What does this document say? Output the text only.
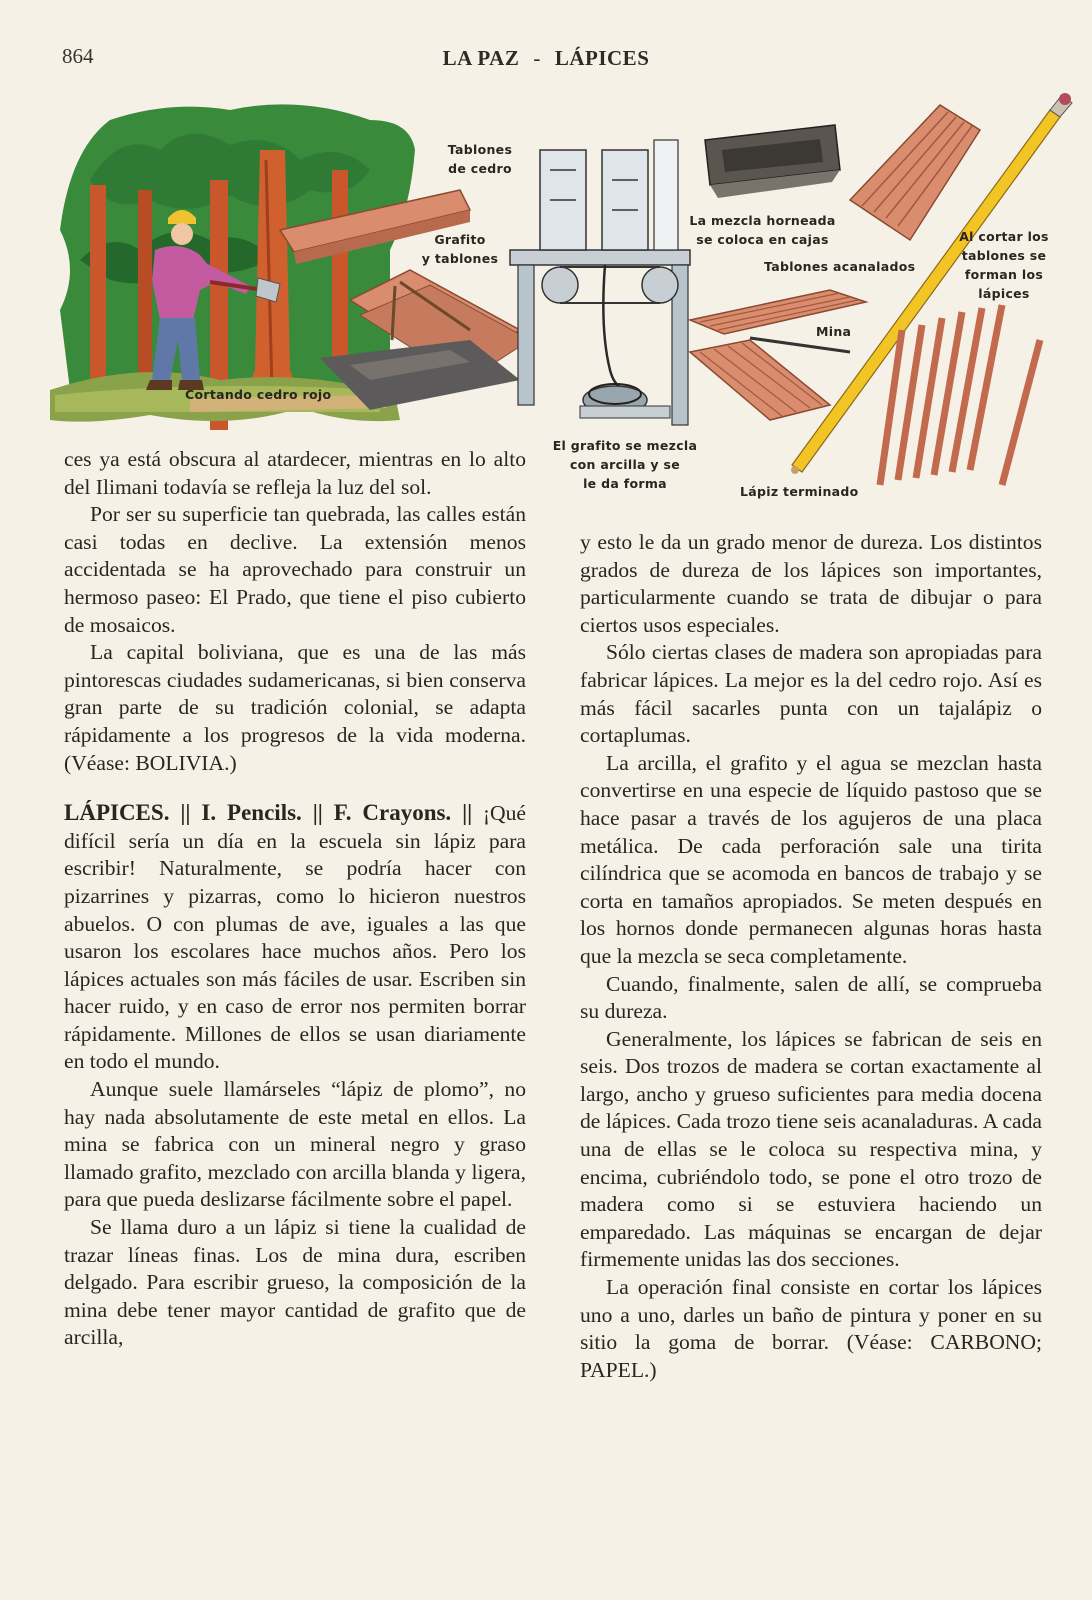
864	LA PAZ - LÁPICES
Tablones
de cedro
Grafito
y tablones
Cortando cedro rojo
El grafito se mezcla
con arcilla y se
le da forma
La mezcla horneada
se coloca en cajas
Tablones acanalados
Mina
Lápiz terminado
Al cortar los
tablones se
forman los
lápices

ces ya está obscura al atardecer, mientras en lo alto del Ilimani todavía se refleja la luz del sol.

Por ser su superficie tan quebrada, las calles están casi todas en declive. La extensión menos accidentada se ha aprovechado para construir un hermoso paseo: El Prado, que tiene el piso cubierto de mosaicos.

La capital boliviana, que es una de las más pintorescas ciudades sudamericanas, si bien conserva gran parte de su tradición colonial, se adapta rápidamente a los progresos de la vida moderna. (Véase: BOLIVIA.)

LÁPICES. || I. Pencils. || F. Crayons. || ¡Qué difícil sería un día en la escuela sin lápiz para escribir! Naturalmente, se podría hacer con pizarrines y pizarras, como lo hicieron nuestros abuelos. O con plumas de ave, iguales a las que usaron los escolares hace muchos años. Pero los lápices actuales son más fáciles de usar. Escriben sin hacer ruido, y en caso de error nos permiten borrar rápidamente. Millones de ellos se usan diariamente en todo el mundo.

Aunque suele llamárseles “lápiz de plomo”, no hay nada absolutamente de este metal en ellos. La mina se fabrica con un mineral negro y graso llamado grafito, mezclado con arcilla blanda y ligera, para que pueda deslizarse fácilmente sobre el papel.

Se llama duro a un lápiz si tiene la cualidad de trazar líneas finas. Los de mina dura, escriben delgado. Para escribir grueso, la composición de la mina debe tener mayor cantidad de grafito que de arcilla,

y esto le da un grado menor de dureza. Los distintos grados de dureza de los lápices son importantes, particularmente cuando se trata de dibujar o para ciertos usos especiales.

Sólo ciertas clases de madera son apropiadas para fabricar lápices. La mejor es la del cedro rojo. Así es más fácil sacarles punta con un tajalápiz o cortaplumas.

La arcilla, el grafito y el agua se mezclan hasta convertirse en una especie de líquido pastoso que se hace pasar a través de los agujeros de una placa metálica. De cada perforación sale una tirita cilíndrica que se acomoda en bancos de trabajo y se corta en tamaños apropiados. Se meten después en los hornos donde permanecen algunas horas hasta que la mezcla se seca completamente.

Cuando, finalmente, salen de allí, se comprueba su dureza.

Generalmente, los lápices se fabrican de seis en seis. Dos trozos de madera se cortan exactamente al largo, ancho y grueso suficientes para media docena de lápices. Cada trozo tiene seis acanaladuras. A cada una de ellas se le coloca su respectiva mina, y encima, cubriéndolo todo, se pone el otro trozo de madera como si se estuviera haciendo un emparedado. Las máquinas se encargan de dejar firmemente unidas las dos secciones.

La operación final consiste en cortar los lápices uno a uno, darles un baño de pintura y poner en su sitio la goma de borrar. (Véase: CARBONO; PAPEL.)
